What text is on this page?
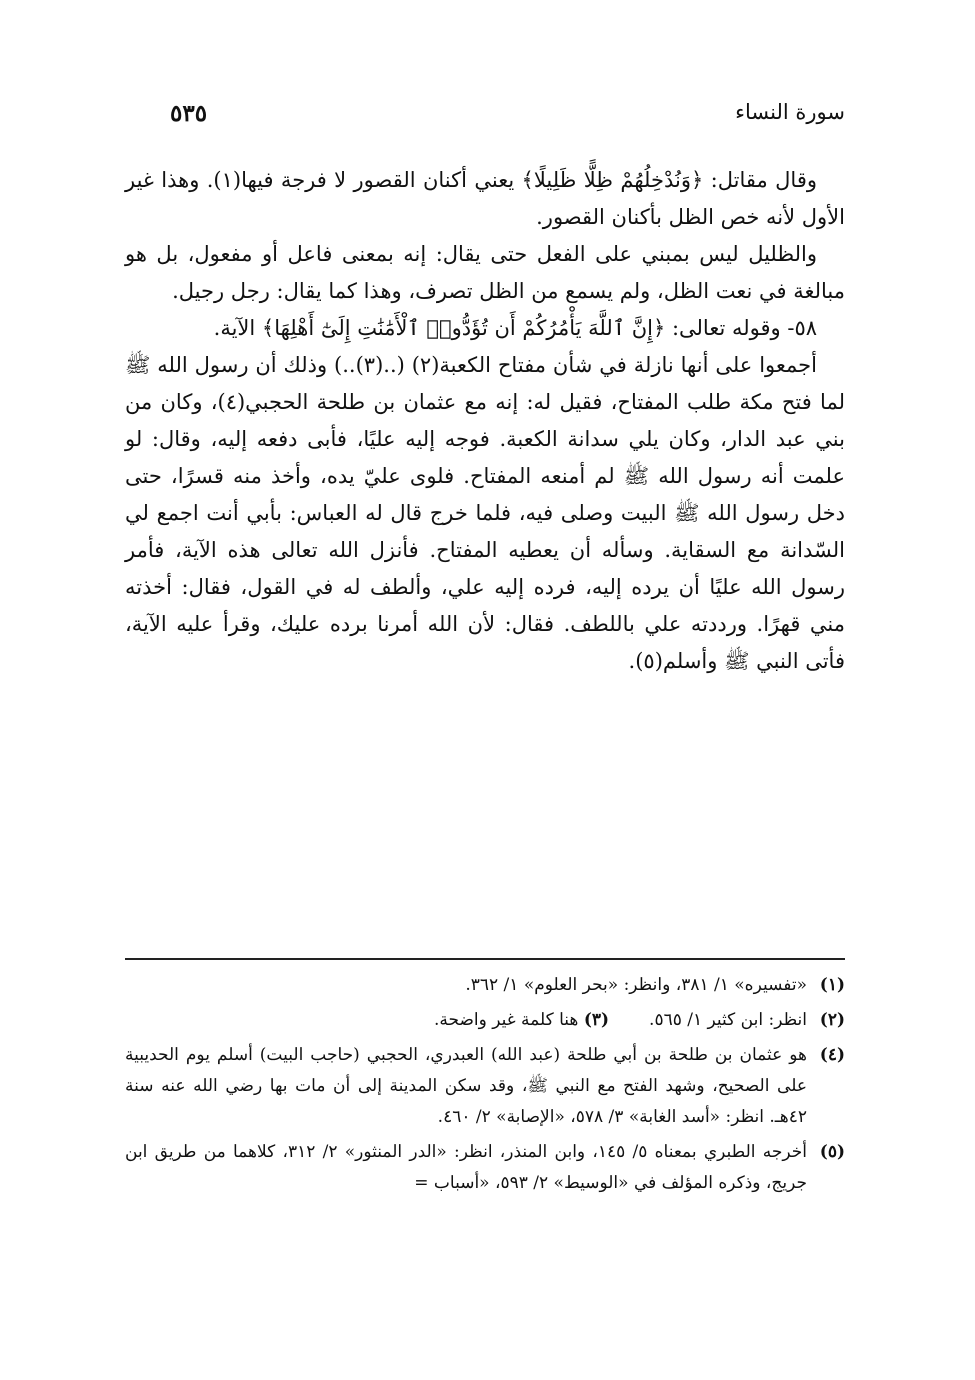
سورة النساء
٥٣٥

وقال مقاتل: ﴿وَنُدْخِلُهُمْ ظِلًّا ظَلِيلًا﴾ يعني أكنان القصور لا فرجة فيها(١). وهذا غير الأول لأنه خص الظل بأكنان القصور.

والظليل ليس بمبني على الفعل حتى يقال: إنه بمعنى فاعل أو مفعول، بل هو مبالغة في نعت الظل، ولم يسمع من الظل تصرف، وهذا كما يقال: رجل رجيل.

٥٨- وقوله تعالى: ﴿إِنَّ ٱللَّهَ يَأْمُرُكُمْ أَن تُؤَدُّوا۟ ٱلْأَمَٰنَٰتِ إِلَىٰٓ أَهْلِهَا﴾ الآية.

أجمعوا على أنها نازلة في شأن مفتاح الكعبة(٢) (..(٣)..) وذلك أن رسول الله ﷺ لما فتح مكة طلب المفتاح، فقيل له: إنه مع عثمان بن طلحة الحجبي(٤)، وكان من بني عبد الدار، وكان يلي سدانة الكعبة. فوجه إليه عليًا، فأبى دفعه إليه، وقال: لو علمت أنه رسول الله ﷺ لم أمنعه المفتاح. فلوى عليّ يده، وأخذ منه قسرًا، حتى دخل رسول الله ﷺ البيت وصلى فيه، فلما خرج قال له العباس: بأبي أنت اجمع لي السّدانة مع السقاية. وسأله أن يعطيه المفتاح. فأنزل الله تعالى هذه الآية، فأمر رسول الله عليًا أن يرده إليه، فرده إليه علي، وألطف له في القول، فقال: أخذته مني قهرًا. ورددته علي باللطف. فقال: لأن الله أمرنا برده عليك، وقرأ عليه الآية، فأتى النبي ﷺ وأسلم(٥).

(١)
«تفسيره» ١/ ٣٨١، وانظر: «بحر العلوم» ١/ ٣٦٢.
(٢)
انظر: ابن كثير ١/ ٥٦٥.
(٣) هنا كلمة غير واضحة.
(٤)
هو عثمان بن طلحة بن أبي طلحة (عبد الله) العبدري، الحجبي (حاجب البيت) أسلم يوم الحديبية على الصحيح، وشهد الفتح مع النبي ﷺ، وقد سكن المدينة إلى أن مات بها رضي الله عنه سنة ٤٢هـ. انظر: «أسد الغابة» ٣/ ٥٧٨، «الإصابة» ٢/ ٤٦٠.
(٥)
أخرجه الطبري بمعناه ٥/ ١٤٥، وابن المنذر، انظر: «الدر المنثور» ٢/ ٣١٢، كلاهما من طريق ابن جريج، وذكره المؤلف في «الوسيط» ٢/ ٥٩٣، «أسباب =
